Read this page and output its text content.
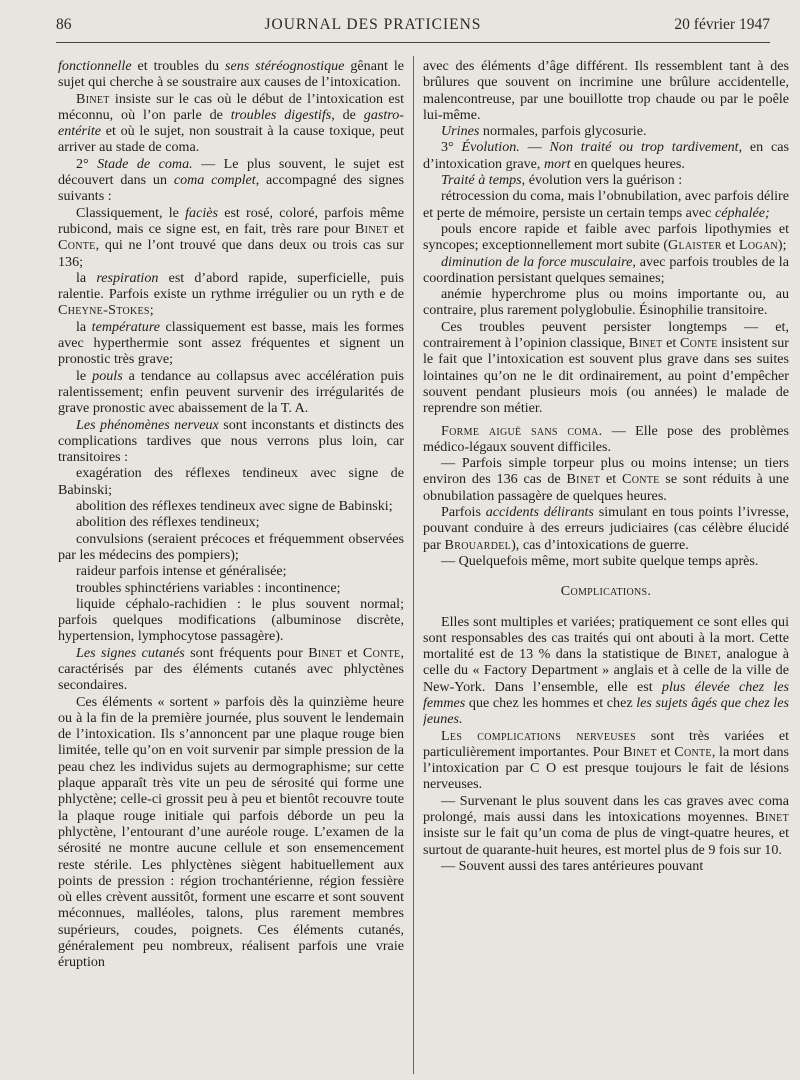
86	JOURNAL DES PRATICIENS	20 février 1947

fonctionnelle et troubles du sens stéréognostique gênant le sujet qui cherche à se soustraire aux causes de l’intoxication.

Binet insiste sur le cas où le début de l’intoxication est méconnu, où l’on parle de troubles digestifs, de gastro-entérite et où le sujet, non soustrait à la cause toxique, peut arriver au stade de coma.

2° Stade de coma. — Le plus souvent, le sujet est découvert dans un coma complet, accompagné des signes suivants :

Classiquement, le faciès est rosé, coloré, parfois même rubicond, mais ce signe est, en fait, très rare pour Binet et Conte, qui ne l’ont trouvé que dans deux ou trois cas sur 136;

la respiration est d’abord rapide, superficielle, puis ralentie. Parfois existe un rythme irrégulier ou un ryth e de Cheyne-Stokes;

la température classiquement est basse, mais les formes avec hyperthermie sont assez fréquentes et signent un pronostic très grave;

le pouls a tendance au collapsus avec accélération puis ralentissement; enfin peuvent survenir des irrégularités de grave pronostic avec abaissement de la T. A.

Les phénomènes nerveux sont inconstants et distincts des complications tardives que nous verrons plus loin, car transitoires :

exagération des réflexes tendineux avec signe de Babinski;

abolition des réflexes tendineux avec signe de Babinski;

abolition des réflexes tendineux;

convulsions (seraient précoces et fréquemment observées par les médecins des pompiers);

raideur parfois intense et généralisée;

troubles sphinctériens variables : incontinence;

liquide céphalo-rachidien : le plus souvent normal; parfois quelques modifications (albuminose discrète, hypertension, lymphocytose passagère).

Les signes cutanés sont fréquents pour Binet et Conte, caractérisés par des éléments cutanés avec phlyctènes secondaires.

Ces éléments « sortent » parfois dès la quinzième heure ou à la fin de la première journée, plus souvent le lendemain de l’intoxication. Ils s’annoncent par une plaque rouge bien limitée, telle qu’on en voit survenir par simple pression de la peau chez les individus sujets au dermographisme; sur cette plaque apparaît très vite un peu de sérosité qui forme une phlyctène; celle-ci grossit peu à peu et bientôt recouvre toute la plaque rouge initiale qui parfois déborde un peu la phlyctène, l’entourant d’une auréole rouge. L’examen de la sérosité ne montre aucune cellule et son ensemencement reste stérile. Les phlyctènes siègent habituellement aux points de pression : région trochantérienne, région fessière où elles crèvent aussitôt, forment une escarre et sont souvent méconnues, malléoles, talons, plus rarement membres supérieurs, coudes, poignets. Ces éléments cutanés, généralement peu nombreux, réalisent parfois une vraie éruption

avec des éléments d’âge différent. Ils ressemblent tant à des brûlures que souvent on incrimine une brûlure accidentelle, malencontreuse, par une bouillotte trop chaude ou par le poêle lui-même.

Urines normales, parfois glycosurie.

3° Évolution. — Non traité ou trop tardivement, en cas d’intoxication grave, mort en quelques heures.

Traité à temps, évolution vers la guérison :

rétrocession du coma, mais l’obnubilation, avec parfois délire et perte de mémoire, persiste un certain temps avec céphalée;

pouls encore rapide et faible avec parfois lipothymies et syncopes; exceptionnellement mort subite (Glaister et Logan);

diminution de la force musculaire, avec parfois troubles de la coordination persistant quelques semaines;

anémie hyperchrome plus ou moins importante ou, au contraire, plus rarement polyglobulie. Ésinophilie transitoire.

Ces troubles peuvent persister longtemps — et, contrairement à l’opinion classique, Binet et Conte insistent sur le fait que l’intoxication est souvent plus grave dans ses suites lointaines qu’on ne le dit ordinairement, au point d’empêcher souvent pendant plusieurs mois (ou années) le malade de reprendre son métier.

Forme aiguë sans coma. — Elle pose des problèmes médico-légaux souvent difficiles.

— Parfois simple torpeur plus ou moins intense; un tiers environ des 136 cas de Binet et Conte se sont réduits à une obnubilation passagère de quelques heures.

Parfois accidents délirants simulant en tous points l’ivresse, pouvant conduire à des erreurs judiciaires (cas célèbre élucidé par Brouardel), cas d’intoxications de guerre.

— Quelquefois même, mort subite quelque temps après.

Complications.

Elles sont multiples et variées; pratiquement ce sont elles qui sont responsables des cas traités qui ont abouti à la mort. Cette mortalité est de 13 % dans la statistique de Binet, analogue à celle du « Factory Department » anglais et à celle de la ville de New-York. Dans l’ensemble, elle est plus élevée chez les femmes que chez les hommes et chez les sujets âgés que chez les jeunes.

Les complications nerveuses sont très variées et particulièrement importantes. Pour Binet et Conte, la mort dans l’intoxication par C O est presque toujours le fait de lésions nerveuses.

— Survenant le plus souvent dans les cas graves avec coma prolongé, mais aussi dans les intoxications moyennes. Binet insiste sur le fait qu’un coma de plus de vingt-quatre heures, et surtout de quarante-huit heures, est mortel plus de 9 fois sur 10.

— Souvent aussi des tares antérieures pouvant
